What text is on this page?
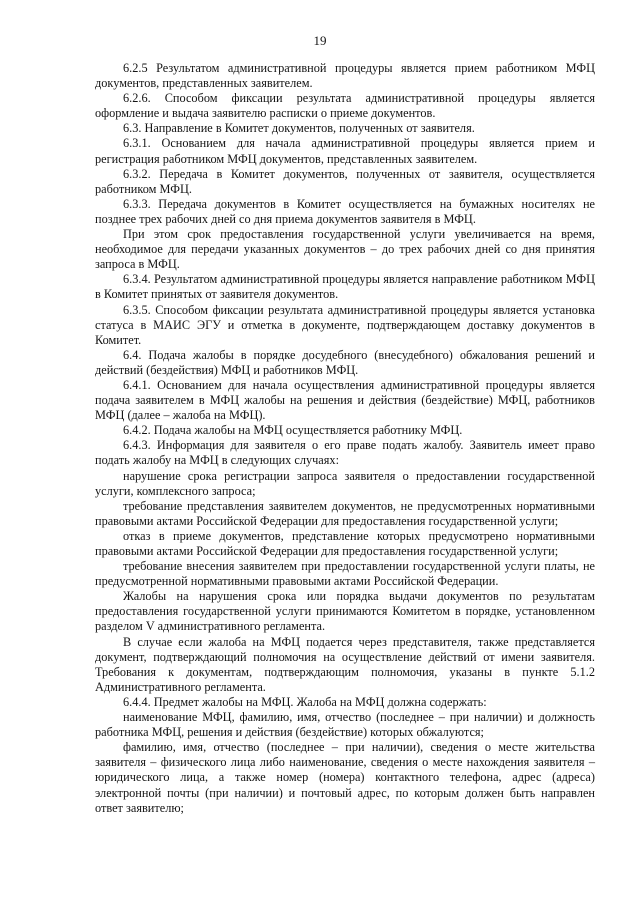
19

6.2.5 Результатом административной процедуры является прием работником МФЦ документов, представленных заявителем.

6.2.6. Способом фиксации результата административной процедуры является оформление и выдача заявителю расписки о приеме документов.

6.3. Направление в Комитет документов, полученных от заявителя.

6.3.1. Основанием для начала административной процедуры является прием и регистрация работником МФЦ документов, представленных заявителем.

6.3.2. Передача в Комитет документов, полученных от заявителя, осуществляется работником МФЦ.

6.3.3. Передача документов в Комитет осуществляется на бумажных носителях не позднее трех рабочих дней со дня приема документов заявителя в МФЦ.

При этом срок предоставления государственной услуги увеличивается на время, необходимое для передачи указанных документов – до трех рабочих дней со дня принятия запроса в МФЦ.

6.3.4. Результатом административной процедуры является направление работником МФЦ в Комитет принятых от заявителя документов.

6.3.5. Способом фиксации результата административной процедуры является установка статуса в МАИС ЭГУ и отметка в документе, подтверждающем доставку документов в Комитет.

6.4. Подача жалобы в порядке досудебного (внесудебного) обжалования решений и действий (бездействия) МФЦ и работников МФЦ.

6.4.1. Основанием для начала осуществления административной процедуры является подача заявителем в МФЦ жалобы на решения и действия (бездействие) МФЦ, работников МФЦ (далее – жалоба на МФЦ).

6.4.2. Подача жалобы на МФЦ осуществляется работнику МФЦ.

6.4.3. Информация для заявителя о его праве подать жалобу. Заявитель имеет право подать жалобу на МФЦ в следующих случаях:

нарушение срока регистрации запроса заявителя о предоставлении государственной услуги, комплексного запроса;

требование представления заявителем документов, не предусмотренных нормативными правовыми актами Российской Федерации для предоставления государственной услуги;

отказ в приеме документов, представление которых предусмотрено нормативными правовыми актами Российской Федерации для предоставления государственной услуги;

требование внесения заявителем при предоставлении государственной услуги платы, не предусмотренной нормативными правовыми актами Российской Федерации.

Жалобы на нарушения срока или порядка выдачи документов по результатам предоставления государственной услуги принимаются Комитетом в порядке, установленном разделом V административного регламента.

В случае если жалоба на МФЦ подается через представителя, также представляется документ, подтверждающий полномочия на осуществление действий от имени заявителя. Требования к документам, подтверждающим полномочия, указаны в пункте 5.1.2 Административного регламента.

6.4.4. Предмет жалобы на МФЦ. Жалоба на МФЦ должна содержать:

наименование МФЦ, фамилию, имя, отчество (последнее – при наличии) и должность работника МФЦ, решения и действия (бездействие) которых обжалуются;

фамилию, имя, отчество (последнее – при наличии), сведения о месте жительства заявителя – физического лица либо наименование, сведения о месте нахождения заявителя – юридического лица, а также номер (номера) контактного телефона, адрес (адреса) электронной почты (при наличии) и почтовый адрес, по которым должен быть направлен ответ заявителю;
